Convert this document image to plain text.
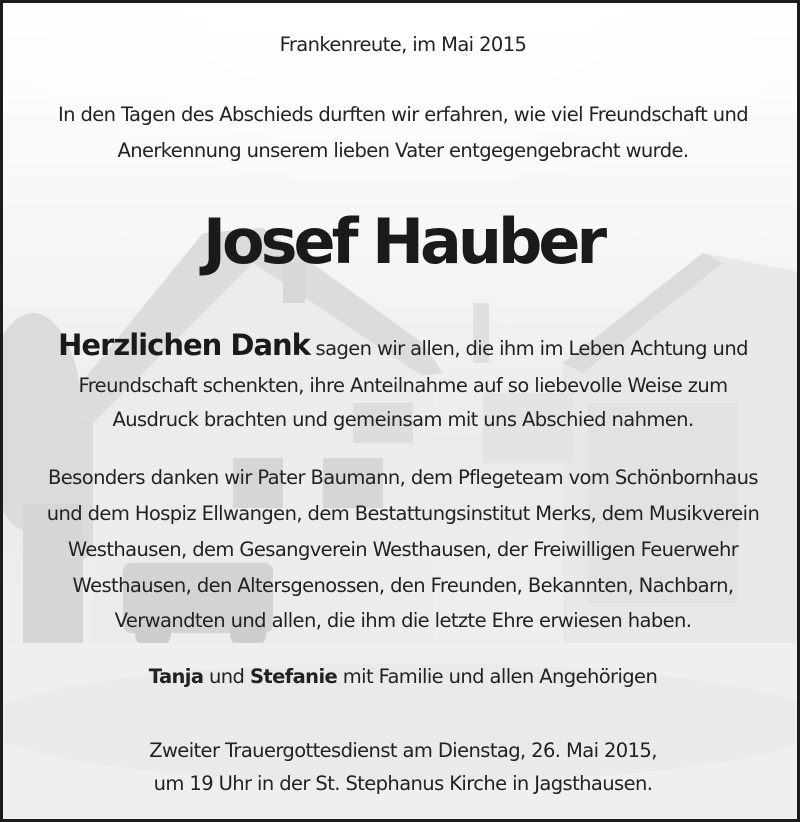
Frankenreute, im Mai 2015
In den Tagen des Abschieds durften wir erfahren, wie viel Freundschaft und
Anerkennung unserem lieben Vater entgegengebracht wurde.
Josef Hauber
Herzlichen Dank sagen wir allen, die ihm im Leben Achtung und
Freundschaft schenkten, ihre Anteilnahme auf so liebevolle Weise zum
Ausdruck brachten und gemeinsam mit uns Abschied nahmen.
Besonders danken wir Pater Baumann, dem Pflegeteam vom Schönbornhaus
und dem Hospiz Ellwangen, dem Bestattungsinstitut Merks, dem Musikverein
Westhausen, dem Gesangverein Westhausen, der Freiwilligen Feuerwehr
Westhausen, den Altersgenossen, den Freunden, Bekannten, Nachbarn,
Verwandten und allen, die ihm die letzte Ehre erwiesen haben.
Tanja und Stefanie mit Familie und allen Angehörigen
Zweiter Trauergottesdienst am Dienstag, 26. Mai 2015,
um 19 Uhr in der St. Stephanus Kirche in Jagsthausen.
